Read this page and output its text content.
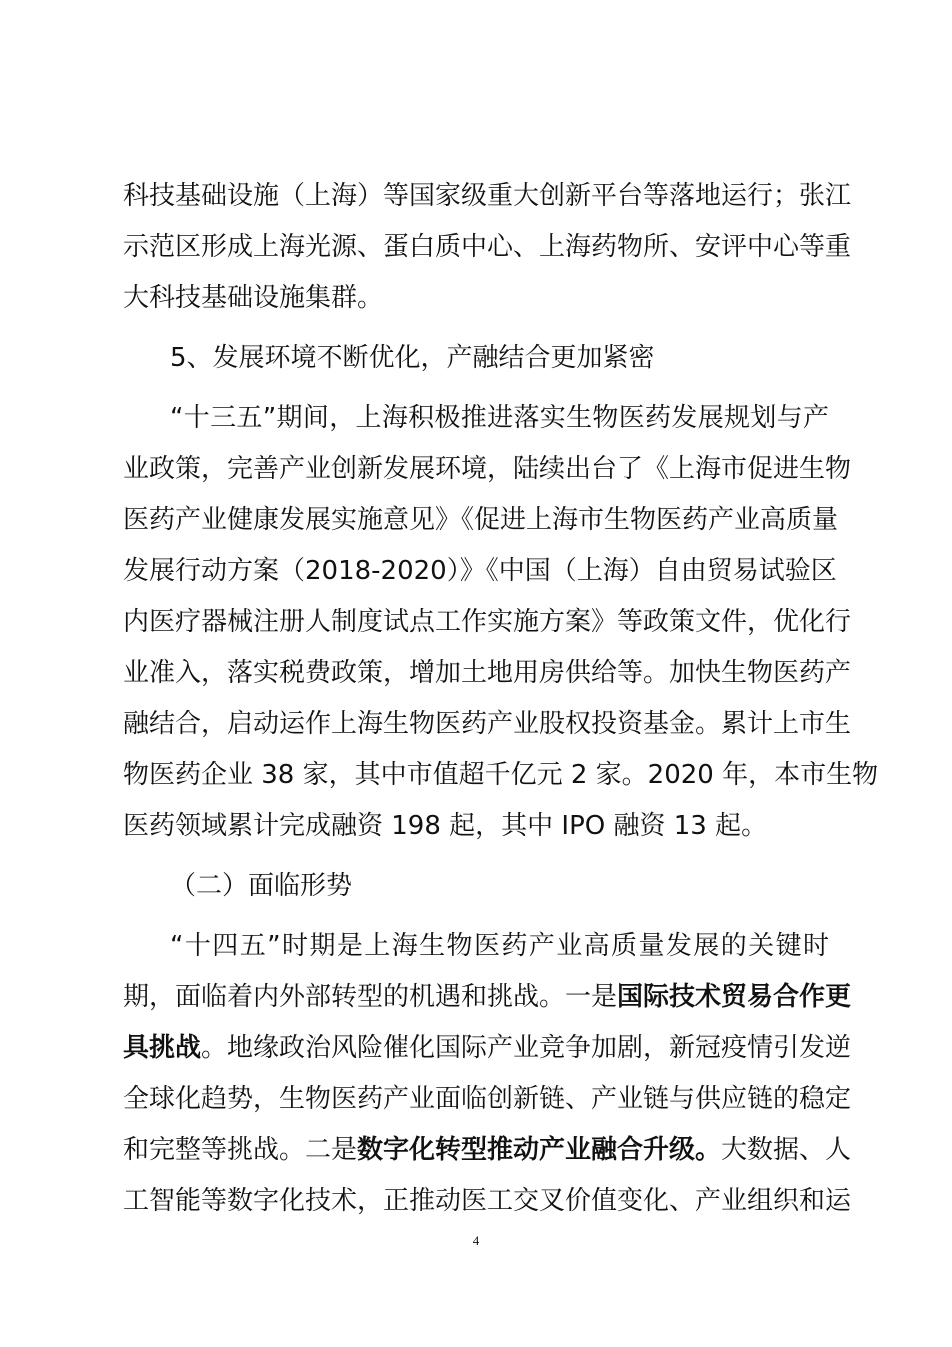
科技基础设施（上海）等国家级重大创新平台等落地运行；张江
示范区形成上海光源、蛋白质中心、上海药物所、安评中心等重
大科技基础设施集群。
5、发展环境不断优化，产融结合更加紧密
“十三五”期间，上海积极推进落实生物医药发展规划与产
业政策，完善产业创新发展环境，陆续出台了《上海市促进生物
医药产业健康发展实施意见》《促进上海市生物医药产业高质量
发展行动方案（2018-2020）》《中国（上海）自由贸易试验区
内医疗器械注册人制度试点工作实施方案》等政策文件，优化行
业准入，落实税费政策，增加土地用房供给等。加快生物医药产
融结合，启动运作上海生物医药产业股权投资基金。累计上市生
物医药企业 38 家，其中市值超千亿元 2 家。2020 年，本市生物
医药领域累计完成融资 198 起，其中 IPO 融资 13 起。
（二）面临形势
“十四五”时期是上海生物医药产业高质量发展的关键时
期，面临着内外部转型的机遇和挑战。一是国际技术贸易合作更
具挑战。地缘政治风险催化国际产业竞争加剧，新冠疫情引发逆
全球化趋势，生物医药产业面临创新链、产业链与供应链的稳定
和完整等挑战。二是数字化转型推动产业融合升级。大数据、人
工智能等数字化技术，正推动医工交叉价值变化、产业组织和运
4
